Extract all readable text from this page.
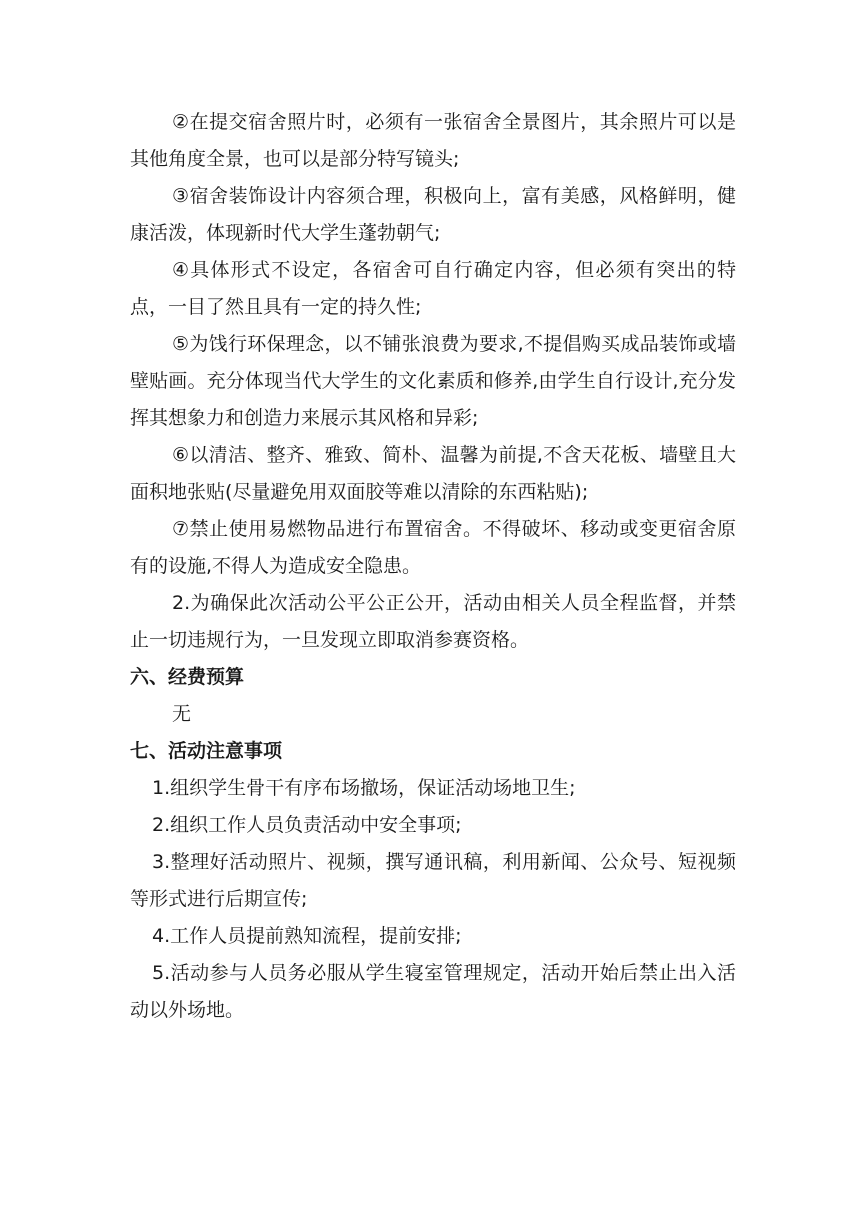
②在提交宿舍照片时，必须有一张宿舍全景图片，其余照片可以是其他角度全景，也可以是部分特写镜头;

③宿舍装饰设计内容须合理，积极向上，富有美感，风格鲜明，健康活泼，体现新时代大学生蓬勃朝气;

④具体形式不设定，各宿舍可自行确定内容，但必须有突出的特点，一目了然且具有一定的持久性;

⑤为饯行环保理念，以不铺张浪费为要求,不提倡购买成品装饰或墙壁贴画。充分体现当代大学生的文化素质和修养,由学生自行设计,充分发挥其想象力和创造力来展示其风格和异彩;

⑥以清洁、整齐、雅致、简朴、温馨为前提,不含天花板、墙壁且大面积地张贴(尽量避免用双面胶等难以清除的东西粘贴);

⑦禁止使用易燃物品进行布置宿舍。不得破坏、移动或变更宿舍原有的设施,不得人为造成安全隐患。

2.为确保此次活动公平公正公开，活动由相关人员全程监督，并禁止一切违规行为，一旦发现立即取消参赛资格。

六、经费预算

无

七、活动注意事项

1.组织学生骨干有序布场撤场，保证活动场地卫生;

2.组织工作人员负责活动中安全事项;

3.整理好活动照片、视频，撰写通讯稿，利用新闻、公众号、短视频等形式进行后期宣传;

4.工作人员提前熟知流程，提前安排;

5.活动参与人员务必服从学生寝室管理规定，活动开始后禁止出入活动以外场地。
